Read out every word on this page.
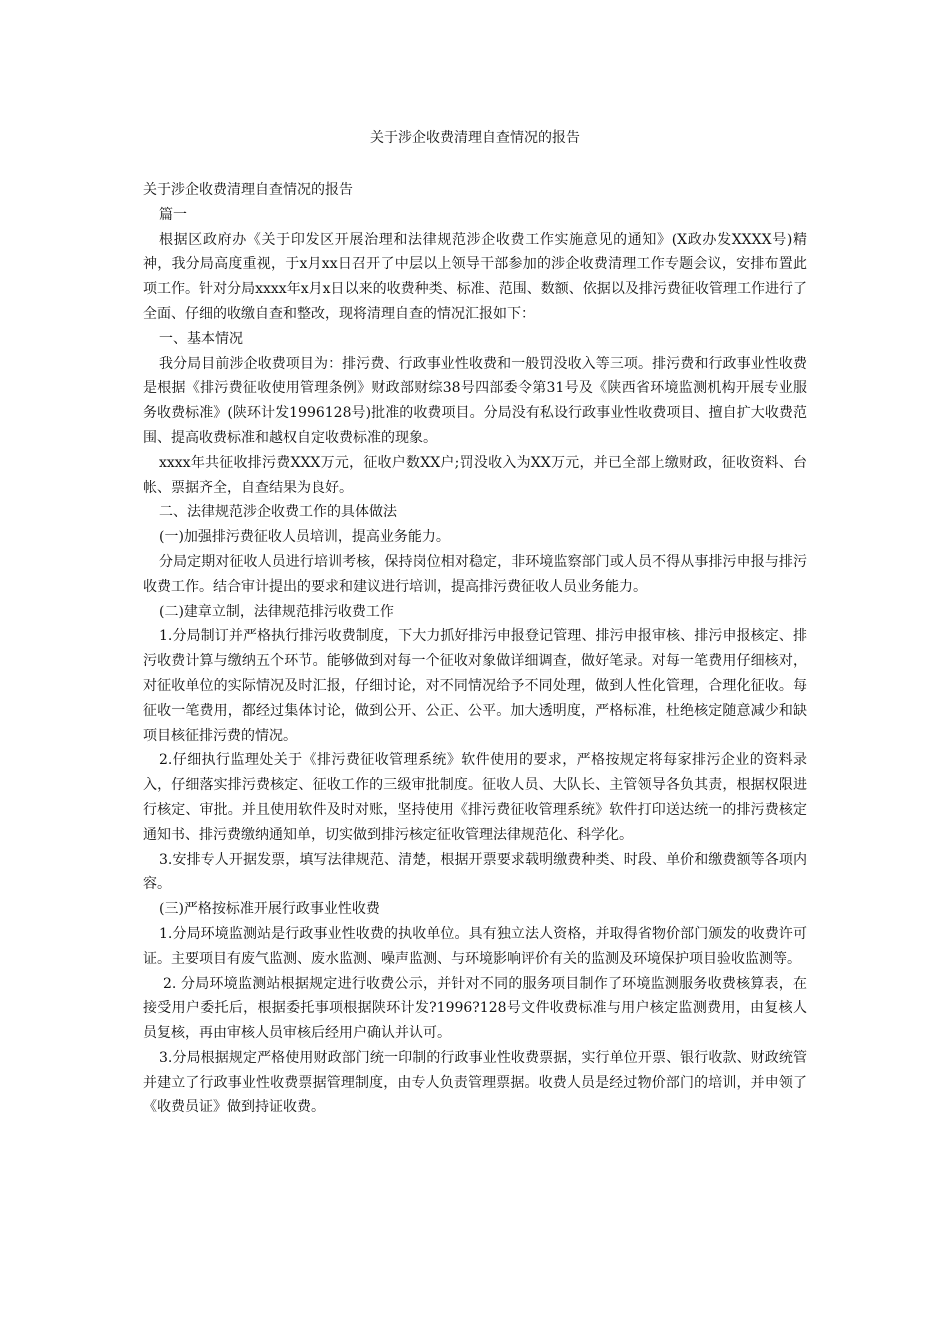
关于涉企收费清理自查情况的报告

关于涉企收费清理自查情况的报告

篇一

根据区政府办《关于印发区开展治理和法律规范涉企收费工作实施意见的通知》(X政办发XXXX号)精神，我分局高度重视，于x月xx日召开了中层以上领导干部参加的涉企收费清理工作专题会议，安排布置此项工作。针对分局xxxx年x月x日以来的收费种类、标准、范围、数额、依据以及排污费征收管理工作进行了全面、仔细的收缴自查和整改，现将清理自查的情况汇报如下：

一、基本情况

我分局目前涉企收费项目为：排污费、行政事业性收费和一般罚没收入等三项。排污费和行政事业性收费是根据《排污费征收使用管理条例》财政部财综38号四部委令第31号及《陕西省环境监测机构开展专业服务收费标准》(陕环计发1996128号)批准的收费项目。分局没有私设行政事业性收费项目、擅自扩大收费范围、提高收费标准和越权自定收费标准的现象。

xxxx年共征收排污费XXX万元，征收户数XX户;罚没收入为XX万元，并已全部上缴财政，征收资料、台帐、票据齐全，自查结果为良好。

二、法律规范涉企收费工作的具体做法

(一)加强排污费征收人员培训，提高业务能力。

分局定期对征收人员进行培训考核，保持岗位相对稳定，非环境监察部门或人员不得从事排污申报与排污收费工作。结合审计提出的要求和建议进行培训，提高排污费征收人员业务能力。

(二)建章立制，法律规范排污收费工作

1.分局制订并严格执行排污收费制度，下大力抓好排污申报登记管理、排污申报审核、排污申报核定、排污收费计算与缴纳五个环节。能够做到对每一个征收对象做详细调查，做好笔录。对每一笔费用仔细核对，对征收单位的实际情况及时汇报，仔细讨论，对不同情况给予不同处理，做到人性化管理，合理化征收。每征收一笔费用，都经过集体讨论，做到公开、公正、公平。加大透明度，严格标准，杜绝核定随意减少和缺项目核征排污费的情况。

2.仔细执行监理处关于《排污费征收管理系统》软件使用的要求，严格按规定将每家排污企业的资料录入，仔细落实排污费核定、征收工作的三级审批制度。征收人员、大队长、主管领导各负其责，根据权限进行核定、审批。并且使用软件及时对账，坚持使用《排污费征收管理系统》软件打印送达统一的排污费核定通知书、排污费缴纳通知单，切实做到排污核定征收管理法律规范化、科学化。

3.安排专人开据发票，填写法律规范、清楚，根据开票要求载明缴费种类、时段、单价和缴费额等各项内容。

(三)严格按标准开展行政事业性收费

1.分局环境监测站是行政事业性收费的执收单位。具有独立法人资格，并取得省物价部门颁发的收费许可证。主要项目有废气监测、废水监测、噪声监测、与环境影响评价有关的监测及环境保护项目验收监测等。

2. 分局环境监测站根据规定进行收费公示，并针对不同的服务项目制作了环境监测服务收费核算表，在接受用户委托后，根据委托事项根据陕环计发?1996?128号文件收费标准与用户核定监测费用，由复核人员复核，再由审核人员审核后经用户确认并认可。

3.分局根据规定严格使用财政部门统一印制的行政事业性收费票据，实行单位开票、银行收款、财政统管并建立了行政事业性收费票据管理制度，由专人负责管理票据。收费人员是经过物价部门的培训，并申领了《收费员证》做到持证收费。
